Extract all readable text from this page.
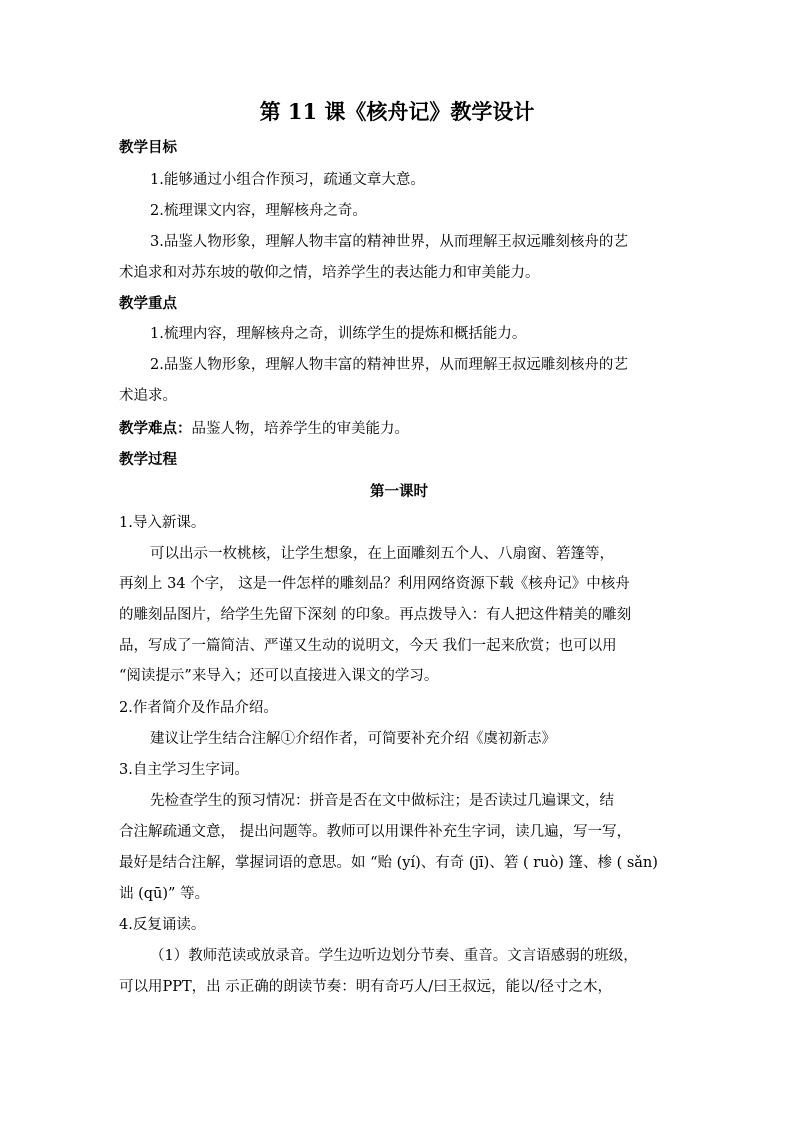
第 11 课《核舟记》教学设计
教学目标
1.能够通过小组合作预习，疏通文章大意。
2.梳理课文内容，理解核舟之奇。
3.品鉴人物形象，理解人物丰富的精神世界，从而理解王叔远雕刻核舟的艺
术追求和对苏东坡的敬仰之情，培养学生的表达能力和审美能力。
教学重点
1.梳理内容，理解核舟之奇，训练学生的提炼和概括能力。
2.品鉴人物形象，理解人物丰富的精神世界，从而理解王叔远雕刻核舟的艺
术追求。
教学难点：品鉴人物，培养学生的审美能力。
教学过程
第一课时
1.导入新课。
可以出示一枚桃核，让学生想象，在上面雕刻五个人、八扇窗、箬篷等，
再刻上 34 个字， 这是一件怎样的雕刻品？利用网络资源下载《核舟记》中核舟
的雕刻品图片，给学生先留下深刻 的印象。再点拨导入：有人把这件精美的雕刻
品，写成了一篇简洁、严谨又生动的说明文，今天 我们一起来欣赏；也可以用
“阅读提示”来导入；还可以直接进入课文的学习。
2.作者简介及作品介绍。
建议让学生结合注解①介绍作者，可简要补充介绍《虞初新志》
3.自主学习生字词。
先检查学生的预习情况：拼音是否在文中做标注；是否读过几遍课文，结
合注解疏通文意， 提出问题等。教师可以用课件补充生字词，读几遍，写一写，
最好是结合注解，掌握词语的意思。如 “贻 (yí)、有奇 (jī)、箬 ( ruò) 篷、椮 ( sǎn)
诎 (qū)” 等。
4.反复诵读。
（1）教师范读或放录音。学生边听边划分节奏、重音。文言语感弱的班级，
可以用PPT，出 示正确的朗读节奏：明有奇巧人/曰王叔远，能以/径寸之木，
